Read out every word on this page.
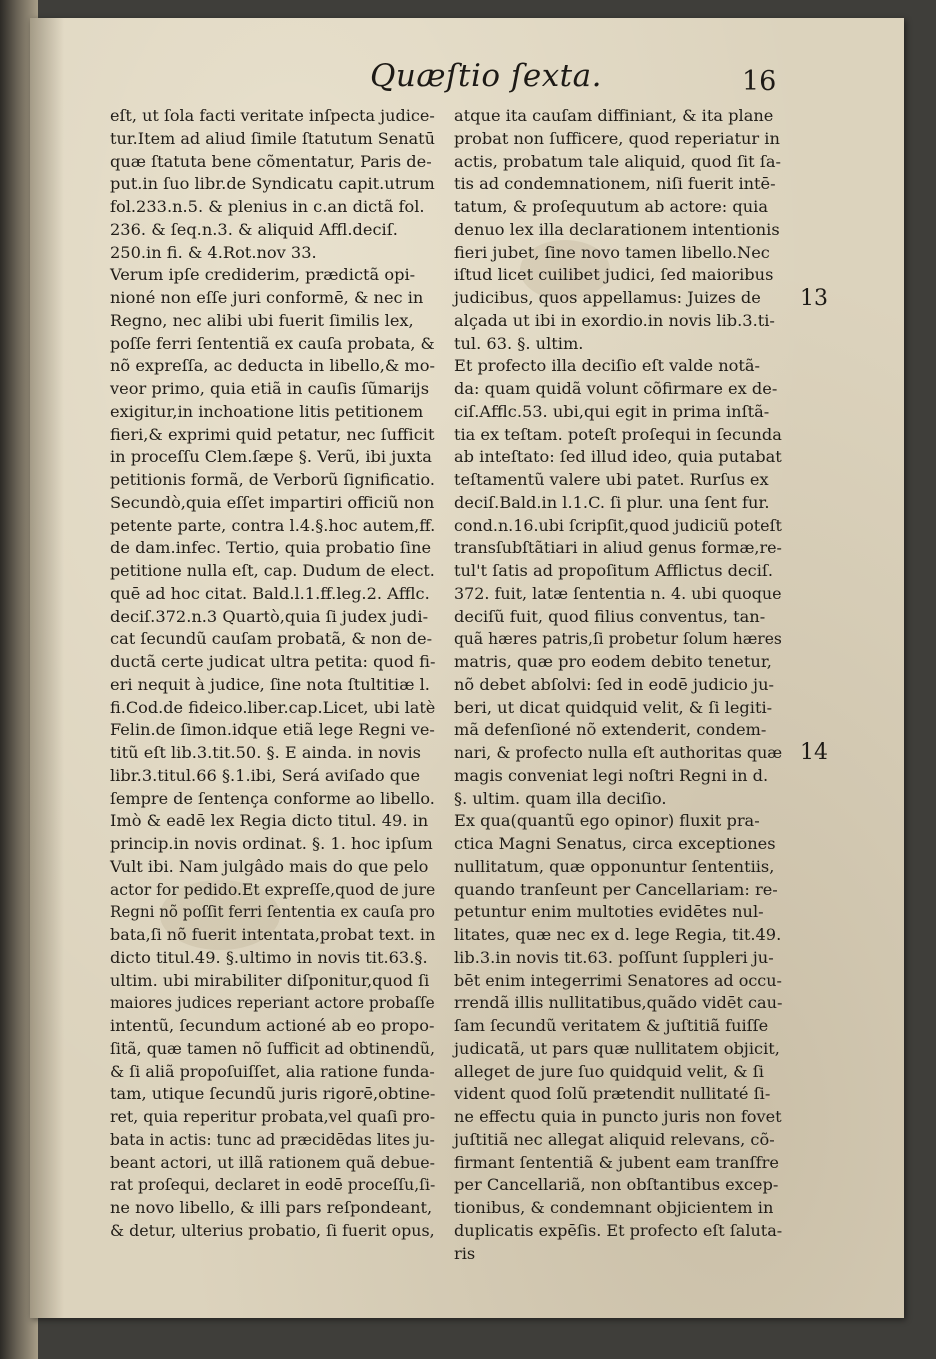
Quæſtio ſexta.	16
eſt, ut ſola facti veritate inſpecta judice-
tur.Item ad aliud ſimile ſtatutum Senatū
quæ ſtatuta bene cõmentatur, Paris de-
put.in ſuo libr.de Syndicatu capit.utrum
fol.233.n.5. & plenius in c.an dictã fol.
236. & ſeq.n.3. & aliquid Affl.deciſ.
250.in fi. & 4.Rot.nov 33.
Verum ipſe crediderim, prædictã opi-
nioné non eſſe juri conformē, & nec in
Regno, nec alibi ubi fuerit ſimilis lex,
poſſe ferri ſententiã ex cauſa probata, &
nõ expreſſa, ac deducta in libello,& mo-
veor primo, quia etiã in cauſis ſũmarijs
exigitur,in inchoatione litis petitionem
fieri,& exprimi quid petatur, nec ſufficit
in proceſſu Clem.ſæpe §. Verũ, ibi juxta
petitionis formã, de Verborũ ſignificatio.
Secundò,quia eſſet impartiri officiũ non
petente parte, contra l.4.§.hoc autem,ff.
de dam.infec. Tertio, quia probatio ſine
petitione nulla eſt, cap. Dudum de elect.
quē ad hoc citat. Bald.l.1.ff.leg.2. Afflc.
deciſ.372.n.3 Quartò,quia ſi judex judi-
cat ſecundũ cauſam probatã, & non de-
ductã certe judicat ultra petita: quod fi-
eri nequit à judice, ſine nota ſtultitiæ l.
fi.Cod.de fideico.liber.cap.Licet, ubi latè
Felin.de ſimon.idque etiã lege Regni ve-
titũ eſt lib.3.tit.50. §. E ainda. in novis
libr.3.titul.66 §.1.ibi, Será aviſado que
ſempre de ſentença conforme ao libello.
Imò & eadē lex Regia dicto titul. 49. in
princip.in novis ordinat. §. 1. hoc ipſum
Vult ibi. Nam julgâdo mais do que pelo
actor for pedido.Et expreſſe,quod de jure
Regni nõ poſſit ferri ſententia ex cauſa pro
bata,ſi nõ fuerit intentata,probat text. in
dicto titul.49. §.ultimo in novis tit.63.§.
ultim. ubi mirabiliter diſponitur,quod ſi
maiores judices reperiant actore probaſſe
intentũ, ſecundum actioné ab eo propo-
ſitã, quæ tamen nõ ſufficit ad obtinendũ,
& ſi aliã propoſuiſſet, alia ratione funda-
tam, utique ſecundũ juris rigorē,obtine-
ret, quia reperitur probata,vel quaſi pro-
bata in actis: tunc ad præcidēdas lites ju-
beant actori, ut illã rationem quã debue-
rat proſequi, declaret in eodē proceſſu,ſi-
ne novo libello, & illi pars reſpondeant,
& detur, ulterius probatio, ſi fuerit opus,
atque ita cauſam diffiniant, & ita plane
probat non ſufficere, quod reperiatur in
actis, probatum tale aliquid, quod ſit ſa-
tis ad condemnationem, niſi fuerit intē-
tatum, & proſequutum ab actore: quia
denuo lex illa declarationem intentionis
fieri jubet, ſine novo tamen libello.Nec
iſtud licet cuilibet judici, ſed maioribus
judicibus, quos appellamus: Juizes de
alçada ut ibi in exordio.in novis lib.3.ti-
tul. 63. §. ultim.
Et profecto illa deciſio eſt valde notã-
da: quam quidã volunt cõfirmare ex de-
ciſ.Afflc.53. ubi,qui egit in prima inſtã-
tia ex teſtam. poteſt proſequi in ſecunda
ab inteſtato: ſed illud ideo, quia putabat
teſtamentũ valere ubi patet. Rurſus ex
deciſ.Bald.in l.1.C. ſi plur. una ſent fur.
cond.n.16.ubi ſcripſit,quod judiciũ poteſt
transſubſtãtiari in aliud genus formæ,re-
tul't ſatis ad propoſitum Afflictus deciſ.
372. fuit, latæ ſententia n. 4. ubi quoque
deciſũ fuit, quod filius conventus, tan-
quã hæres patris,ſi probetur ſolum hæres
matris, quæ pro eodem debito tenetur,
nõ debet abſolvi: ſed in eodē judicio ju-
beri, ut dicat quidquid velit, & ſi legiti-
mã defenſioné nõ extenderit, condem-
nari, & profecto nulla eſt authoritas quæ
magis conveniat legi noſtri Regni in d.
§. ultim. quam illa deciſio.
Ex qua(quantũ ego opinor) fluxit pra-
ctica Magni Senatus, circa exceptiones
nullitatum, quæ opponuntur ſententiis,
quando tranſeunt per Cancellariam: re-
petuntur enim multoties evidētes nul-
litates, quæ nec ex d. lege Regia, tit.49.
lib.3.in novis tit.63. poſſunt ſuppleri ju-
bēt enim integerrimi Senatores ad occu-
rrendã illis nullitatibus,quãdo vidēt cau-
ſam ſecundũ veritatem & juſtitiã fuiſſe
judicatã, ut pars quæ nullitatem objicit,
alleget de jure ſuo quidquid velit, & ſi
vident quod ſolũ prætendit nullitaté ſi-
ne effectu quia in puncto juris non fovet
juſtitiã nec allegat aliquid relevans, cõ-
firmant ſententiã & jubent eam tranſfre
per Cancellariã, non obſtantibus excep-
tionibus, & condemnant objicientem in
duplicatis expēſis. Et profecto eſt ſaluta-
ris
13
14
